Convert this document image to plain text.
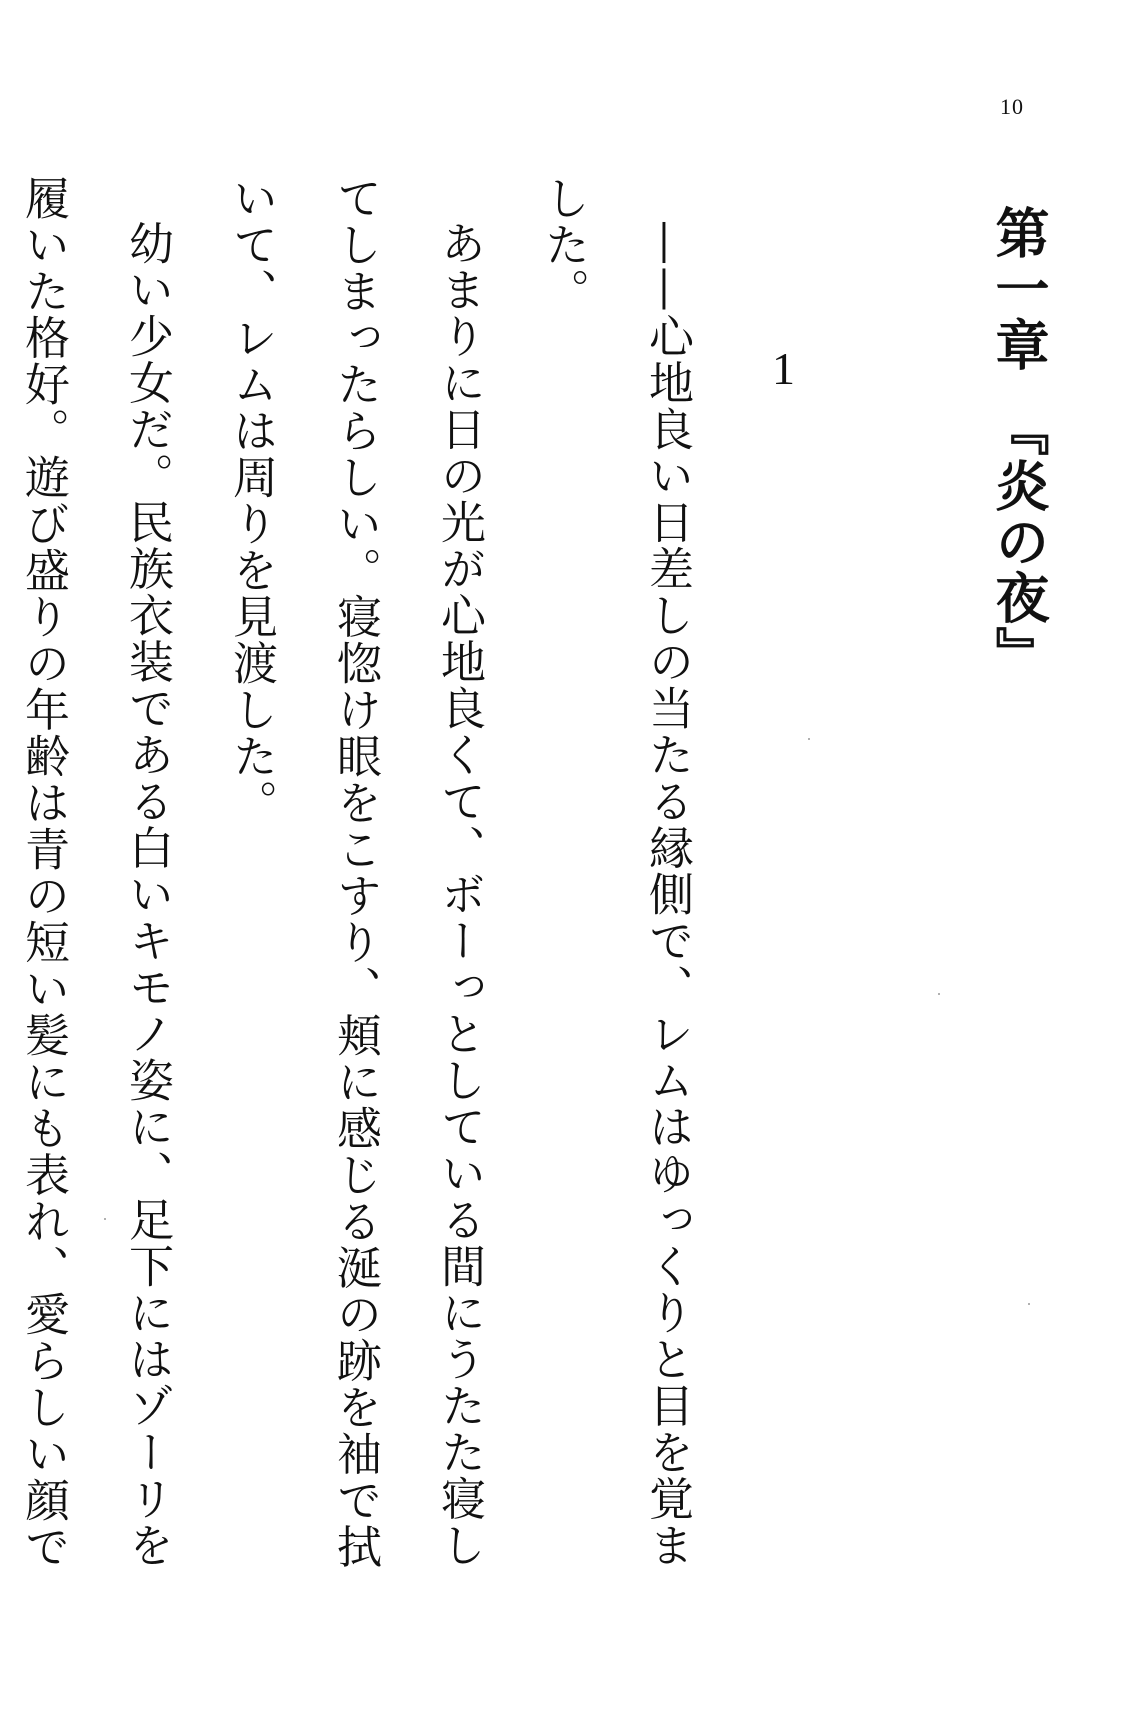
10
第一章　『炎の夜』
1

——心地良い日差しの当たる縁側で、レムはゆっくりと目を覚ました。

あまりに日の光が心地良くて、ボーっとしている間にうたた寝してしまったらしい。寝惚け眼をこすり、頬に感じる涎の跡を袖で拭いて、レムは周りを見渡した。

幼い少女だ。民族衣装である白いキモノ姿に、足下にはゾーリを履いた格好。遊び盛りの年齢は青の短い髪にも表れ、愛らしい顔で
